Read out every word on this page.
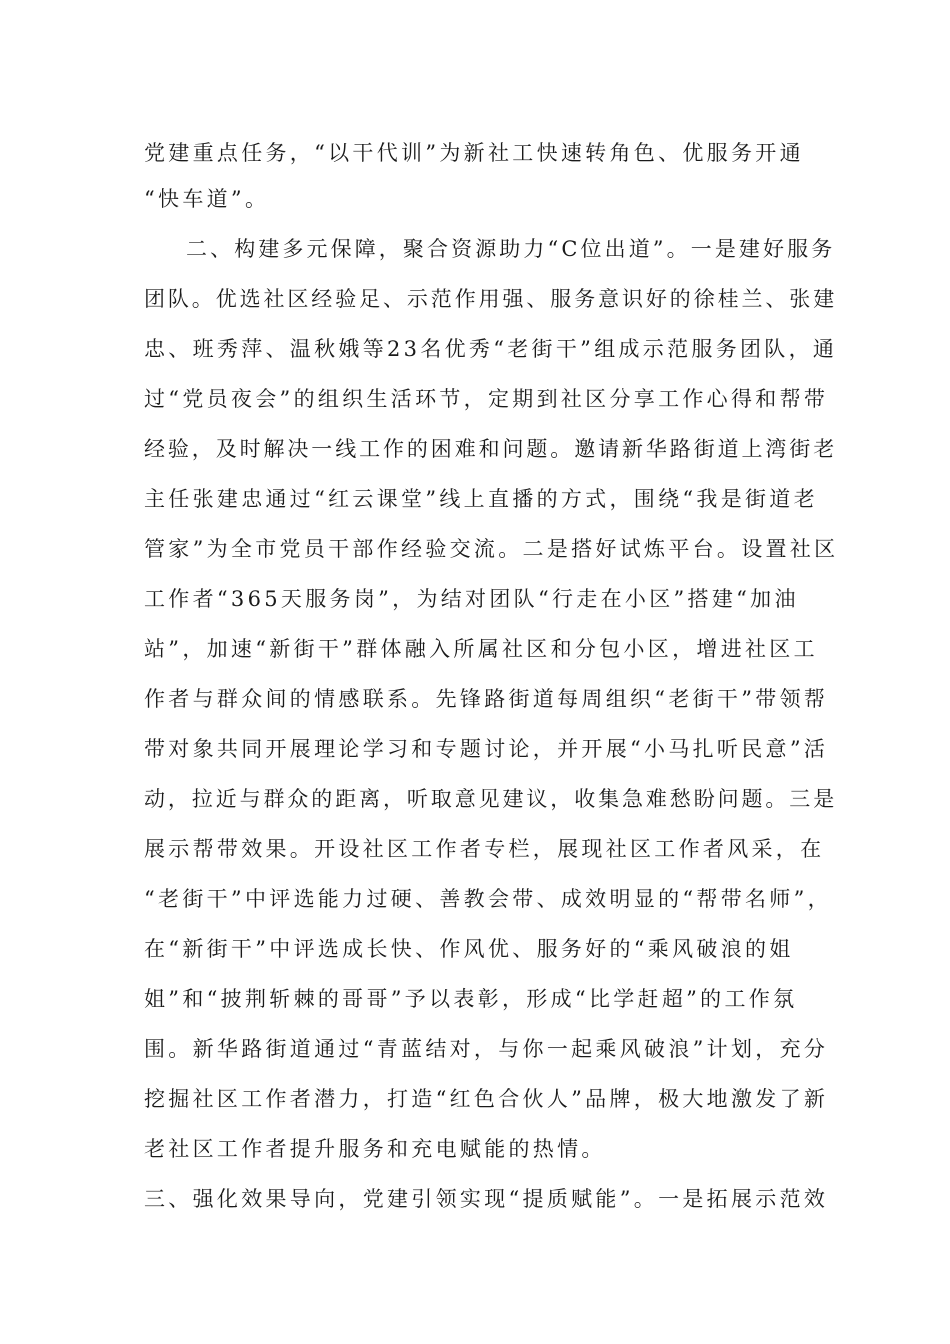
党建重点任务，“以干代训”为新社工快速转角色、优服务开通
“快车道”。
二、构建多元保障，聚合资源助力“C位出道”。一是建好服务
团队。优选社区经验足、示范作用强、服务意识好的徐桂兰、张建
忠、班秀萍、温秋娥等23名优秀“老街干”组成示范服务团队，通
过“党员夜会”的组织生活环节，定期到社区分享工作心得和帮带
经验，及时解决一线工作的困难和问题。邀请新华路街道上湾街老
主任张建忠通过“红云课堂”线上直播的方式，围绕“我是街道老
管家”为全市党员干部作经验交流。二是搭好试炼平台。设置社区
工作者“365天服务岗”，为结对团队“行走在小区”搭建“加油
站”，加速“新街干”群体融入所属社区和分包小区，增进社区工
作者与群众间的情感联系。先锋路街道每周组织“老街干”带领帮
带对象共同开展理论学习和专题讨论，并开展“小马扎听民意”活
动，拉近与群众的距离，听取意见建议，收集急难愁盼问题。三是
展示帮带效果。开设社区工作者专栏，展现社区工作者风采，在
“老街干”中评选能力过硬、善教会带、成效明显的“帮带名师”，
在“新街干”中评选成长快、作风优、服务好的“乘风破浪的姐
姐”和“披荆斩棘的哥哥”予以表彰，形成“比学赶超”的工作氛
围。新华路街道通过“青蓝结对，与你一起乘风破浪”计划，充分
挖掘社区工作者潜力，打造“红色合伙人”品牌，极大地激发了新
老社区工作者提升服务和充电赋能的热情。
三、强化效果导向，党建引领实现“提质赋能”。一是拓展示范效
